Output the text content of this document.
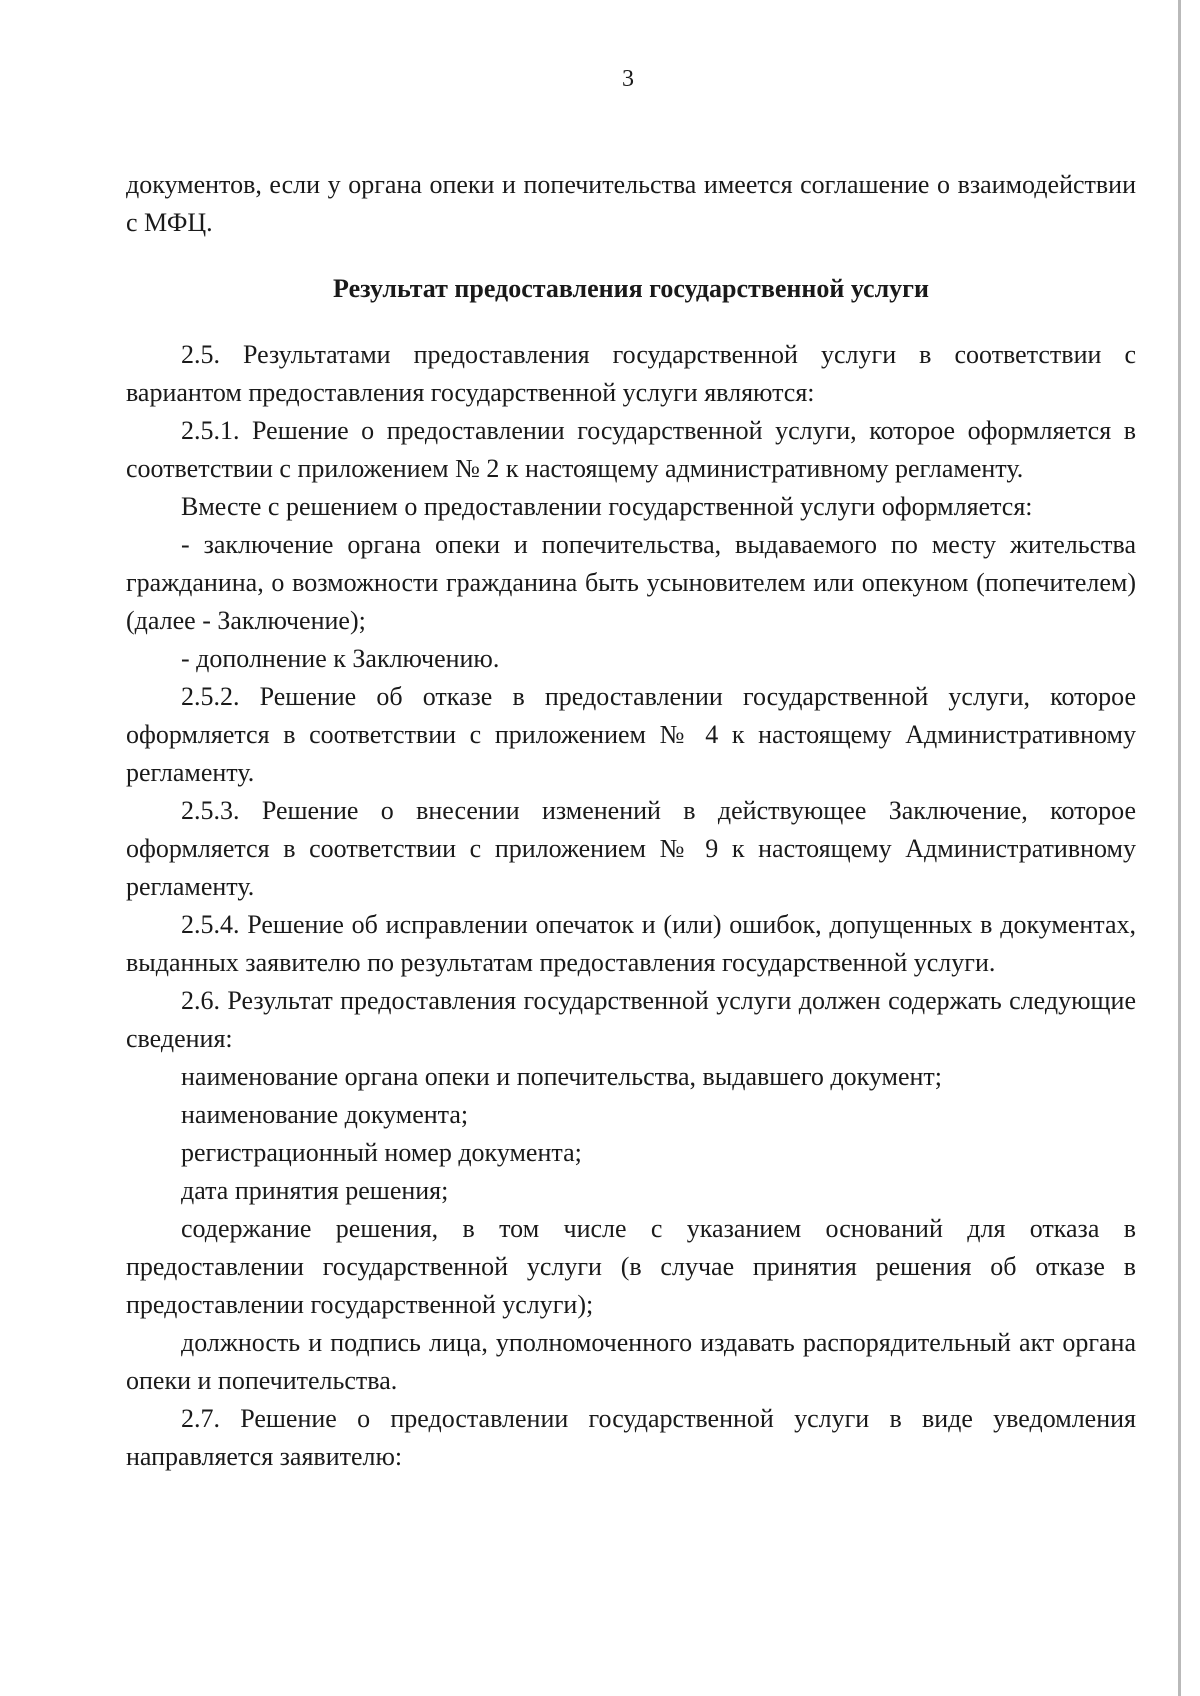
3

документов, если у органа опеки и попечительства имеется соглашение о взаимодействии с МФЦ.

Результат предоставления государственной услуги

2.5. Результатами предоставления государственной услуги в соответствии с вариантом предоставления государственной услуги являются:

2.5.1. Решение о предоставлении государственной услуги, которое оформляется в соответствии с приложением № 2 к настоящему административному регламенту.

Вместе с решением о предоставлении государственной услуги оформляется:

- заключение органа опеки и попечительства, выдаваемого по месту жительства гражданина, о возможности гражданина быть усыновителем или опекуном (попечителем) (далее - Заключение);

- дополнение к Заключению.

2.5.2. Решение об отказе в предоставлении государственной услуги, которое оформляется в соответствии с приложением № 4 к настоящему Административному регламенту.

2.5.3. Решение о внесении изменений в действующее Заключение, которое оформляется в соответствии с приложением № 9 к настоящему Административному регламенту.

2.5.4. Решение об исправлении опечаток и (или) ошибок, допущенных в документах, выданных заявителю по результатам предоставления государственной услуги.

2.6. Результат предоставления государственной услуги должен содержать следующие сведения:

наименование органа опеки и попечительства, выдавшего документ;

наименование документа;

регистрационный номер документа;

дата принятия решения;

содержание решения, в том числе с указанием оснований для отказа в предоставлении государственной услуги (в случае принятия решения об отказе в предоставлении государственной услуги);

должность и подпись лица, уполномоченного издавать распорядительный акт органа опеки и попечительства.

2.7. Решение о предоставлении государственной услуги в виде уведомления направляется заявителю:
